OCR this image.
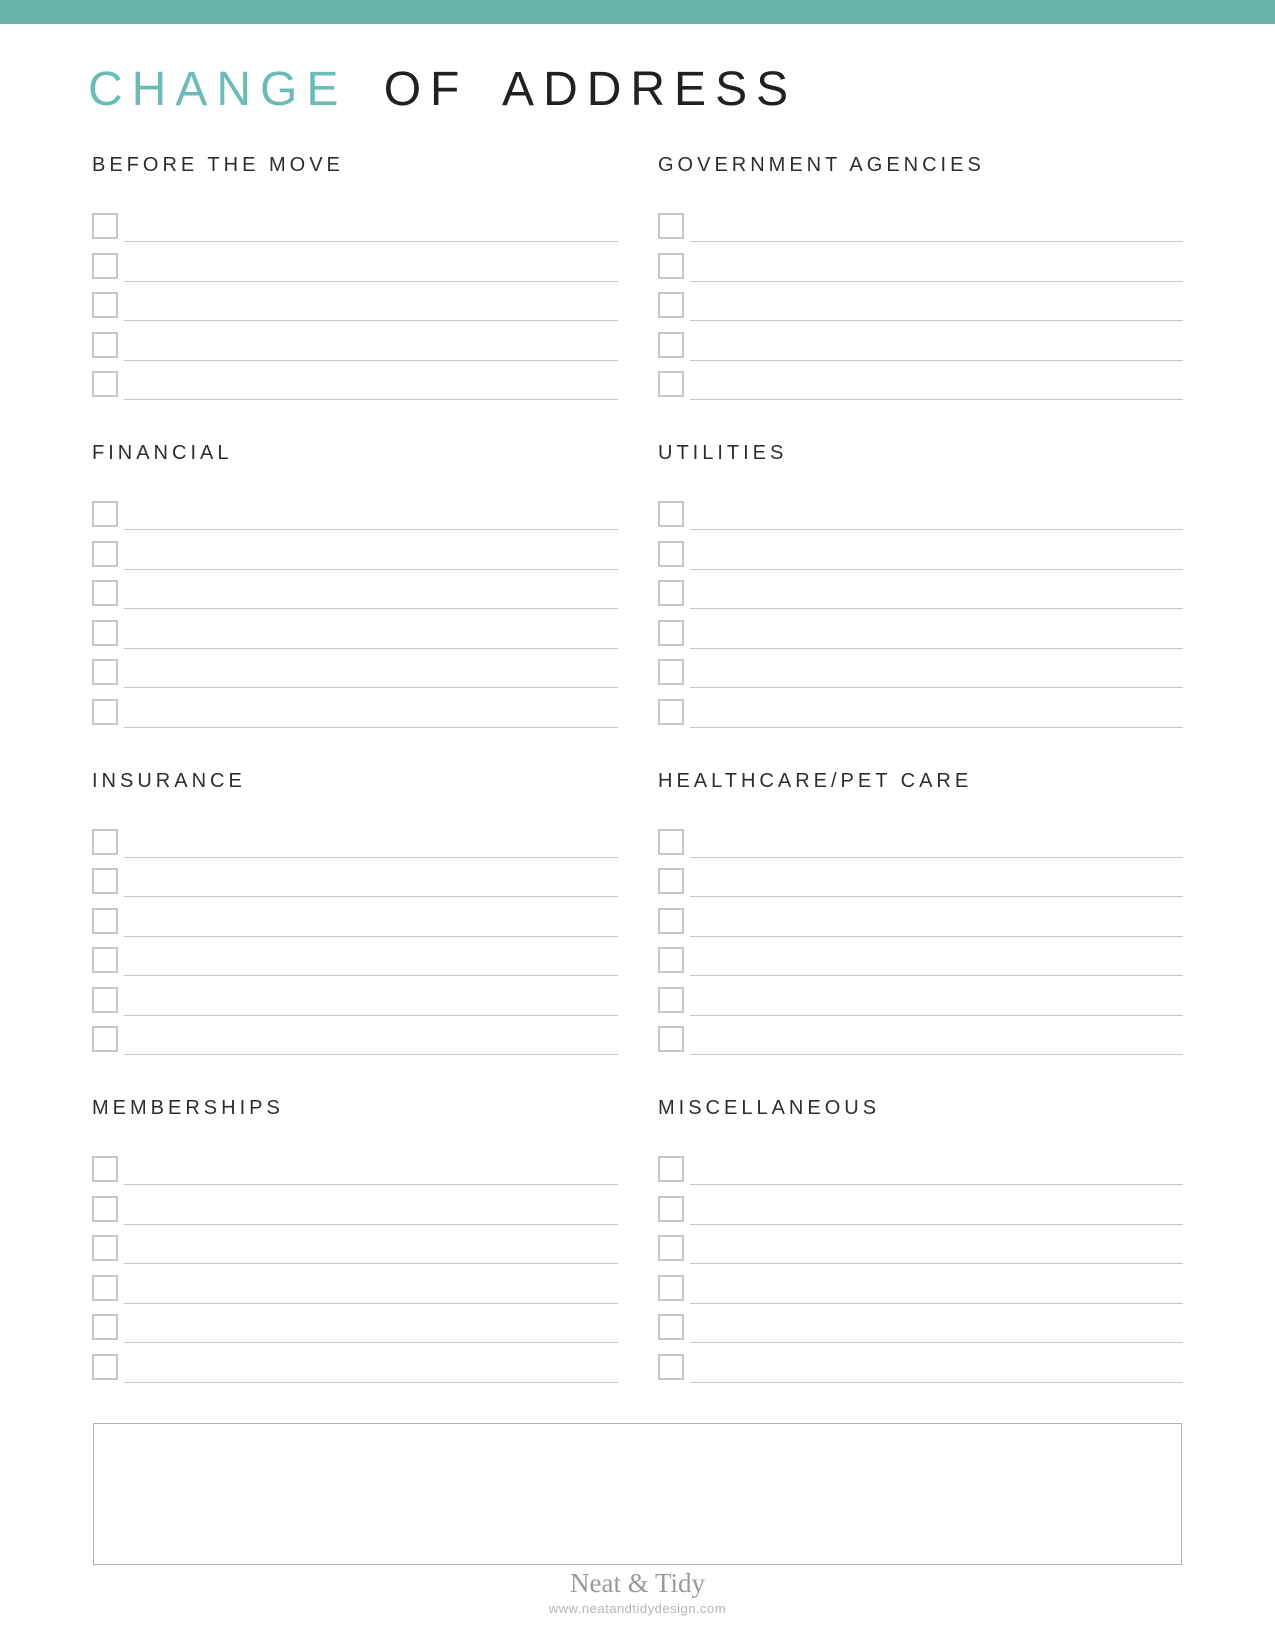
CHANGE OF ADDRESS
BEFORE THE MOVE
FINANCIAL
INSURANCE
MEMBERSHIPS
GOVERNMENT AGENCIES
UTILITIES
HEALTHCARE/PET CARE
MISCELLANEOUS
Neat & Tidy
www.neatandtidydesign.com
